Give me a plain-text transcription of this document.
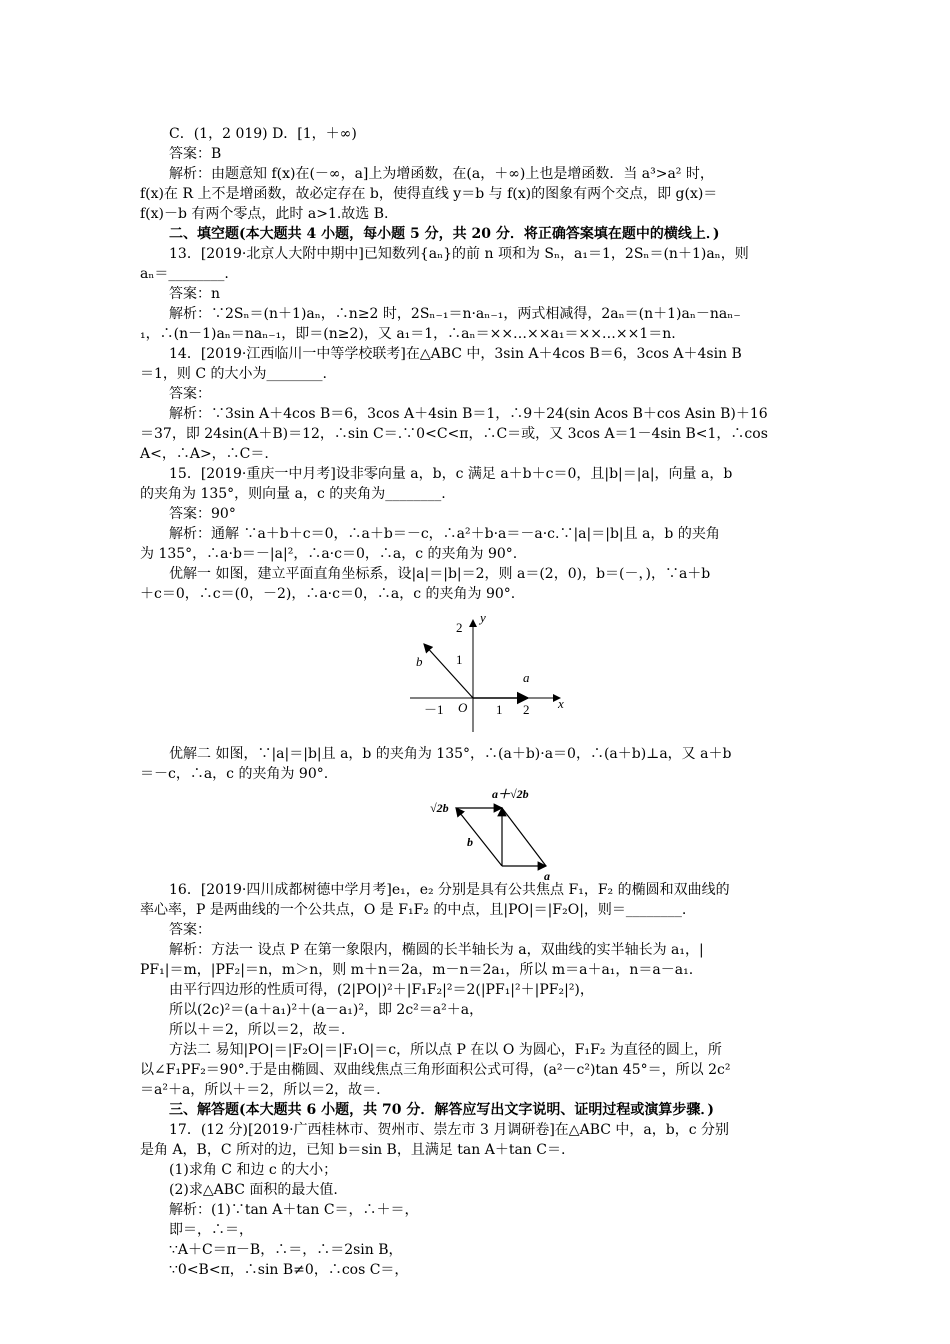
C．(1，2 019) D．[1，＋∞)
答案：B
解析：由题意知 f(x)在(－∞，a]上为增函数，在(a，＋∞)上也是增函数．当 a³>a² 时，
f(x)在 R 上不是增函数，故必定存在 b，使得直线 y＝b 与 f(x)的图象有两个交点，即 g(x)＝
f(x)－b 有两个零点，此时 a>1.故选 B.
二、填空题(本大题共 4 小题，每小题 5 分，共 20 分．将正确答案填在题中的横线上．)
13．[2019·北京人大附中期中]已知数列{aₙ}的前 n 项和为 Sₙ，a₁＝1，2Sₙ＝(n＋1)aₙ，则
aₙ＝________.
答案：n
解析：∵2Sₙ＝(n＋1)aₙ，∴n≥2 时，2Sₙ₋₁＝n·aₙ₋₁，两式相减得，2aₙ＝(n＋1)aₙ－naₙ₋
₁，∴(n－1)aₙ＝naₙ₋₁，即＝(n≥2)，又 a₁＝1，∴aₙ＝××…××a₁＝××…××1＝n.
14．[2019·江西临川一中等学校联考]在△ABC 中，3sin A＋4cos B＝6，3cos A＋4sin B
＝1，则 C 的大小为________.
答案：
解析：∵3sin A＋4cos B＝6，3cos A＋4sin B＝1，∴9＋24(sin Acos B＋cos Asin B)＋16
＝37，即 24sin(A＋B)＝12，∴sin C＝.∵0<C<π，∴C＝或，又 3cos A＝1－4sin B<1，∴cos
A<，∴A>，∴C＝.
15．[2019·重庆一中月考]设非零向量 a，b，c 满足 a＋b＋c＝0，且|b|＝|a|，向量 a，b
的夹角为 135°，则向量 a，c 的夹角为________.
答案：90°
解析：通解 ∵a＋b＋c＝0，∴a＋b＝－c，∴a²＋b·a＝－a·c.∵|a|＝|b|且 a，b 的夹角
为 135°，∴a·b＝－|a|²，∴a·c＝0，∴a，c 的夹角为 90°.
优解一 如图，建立平面直角坐标系，设|a|＝|b|＝2，则 a＝(2，0)，b＝(－，)，∵a＋b
＋c＝0，∴c＝(0，－2)，∴a·c＝0，∴a，c 的夹角为 90°.
y
x
2
1
－1 O 1 2
b
a
优解二 如图，∵|a|＝|b|且 a，b 的夹角为 135°，∴(a＋b)·a＝0，∴(a＋b)⊥a，又 a＋b
＝－c，∴a，c 的夹角为 90°.
√2b
a＋√2b
b
a
16．[2019·四川成都树德中学月考]e₁，e₂ 分别是具有公共焦点 F₁，F₂ 的椭圆和双曲线的
率心率，P 是两曲线的一个公共点，O 是 F₁F₂ 的中点，且|PO|＝|F₂O|，则＝________.
答案：
解析：方法一 设点 P 在第一象限内，椭圆的长半轴长为 a，双曲线的实半轴长为 a₁，|
PF₁|＝m，|PF₂|＝n，m＞n，则 m＋n＝2a，m－n＝2a₁，所以 m＝a＋a₁，n＝a－a₁.
由平行四边形的性质可得，(2|PO|)²＋|F₁F₂|²＝2(|PF₁|²＋|PF₂|²)，
所以(2c)²＝(a＋a₁)²＋(a－a₁)²，即 2c²＝a²＋a，
所以＋＝2，所以＝2，故＝.
方法二 易知|PO|＝|F₂O|＝|F₁O|＝c，所以点 P 在以 O 为圆心，F₁F₂ 为直径的圆上，所
以∠F₁PF₂＝90°.于是由椭圆、双曲线焦点三角形面积公式可得，(a²－c²)tan 45°＝，所以 2c²
＝a²＋a，所以＋＝2，所以＝2，故＝.
三、解答题(本大题共 6 小题，共 70 分．解答应写出文字说明、证明过程或演算步骤．)
17．(12 分)[2019·广西桂林市、贺州市、崇左市 3 月调研卷]在△ABC 中，a，b，c 分别
是角 A，B，C 所对的边，已知 b＝sin B，且满足 tan A＋tan C＝.
(1)求角 C 和边 c 的大小；
(2)求△ABC 面积的最大值.
解析：(1)∵tan A＋tan C＝，∴＋＝，
即＝，∴＝，
∵A＋C＝π－B，∴＝，∴＝2sin B，
∵0<B<π，∴sin B≠0，∴cos C＝，
